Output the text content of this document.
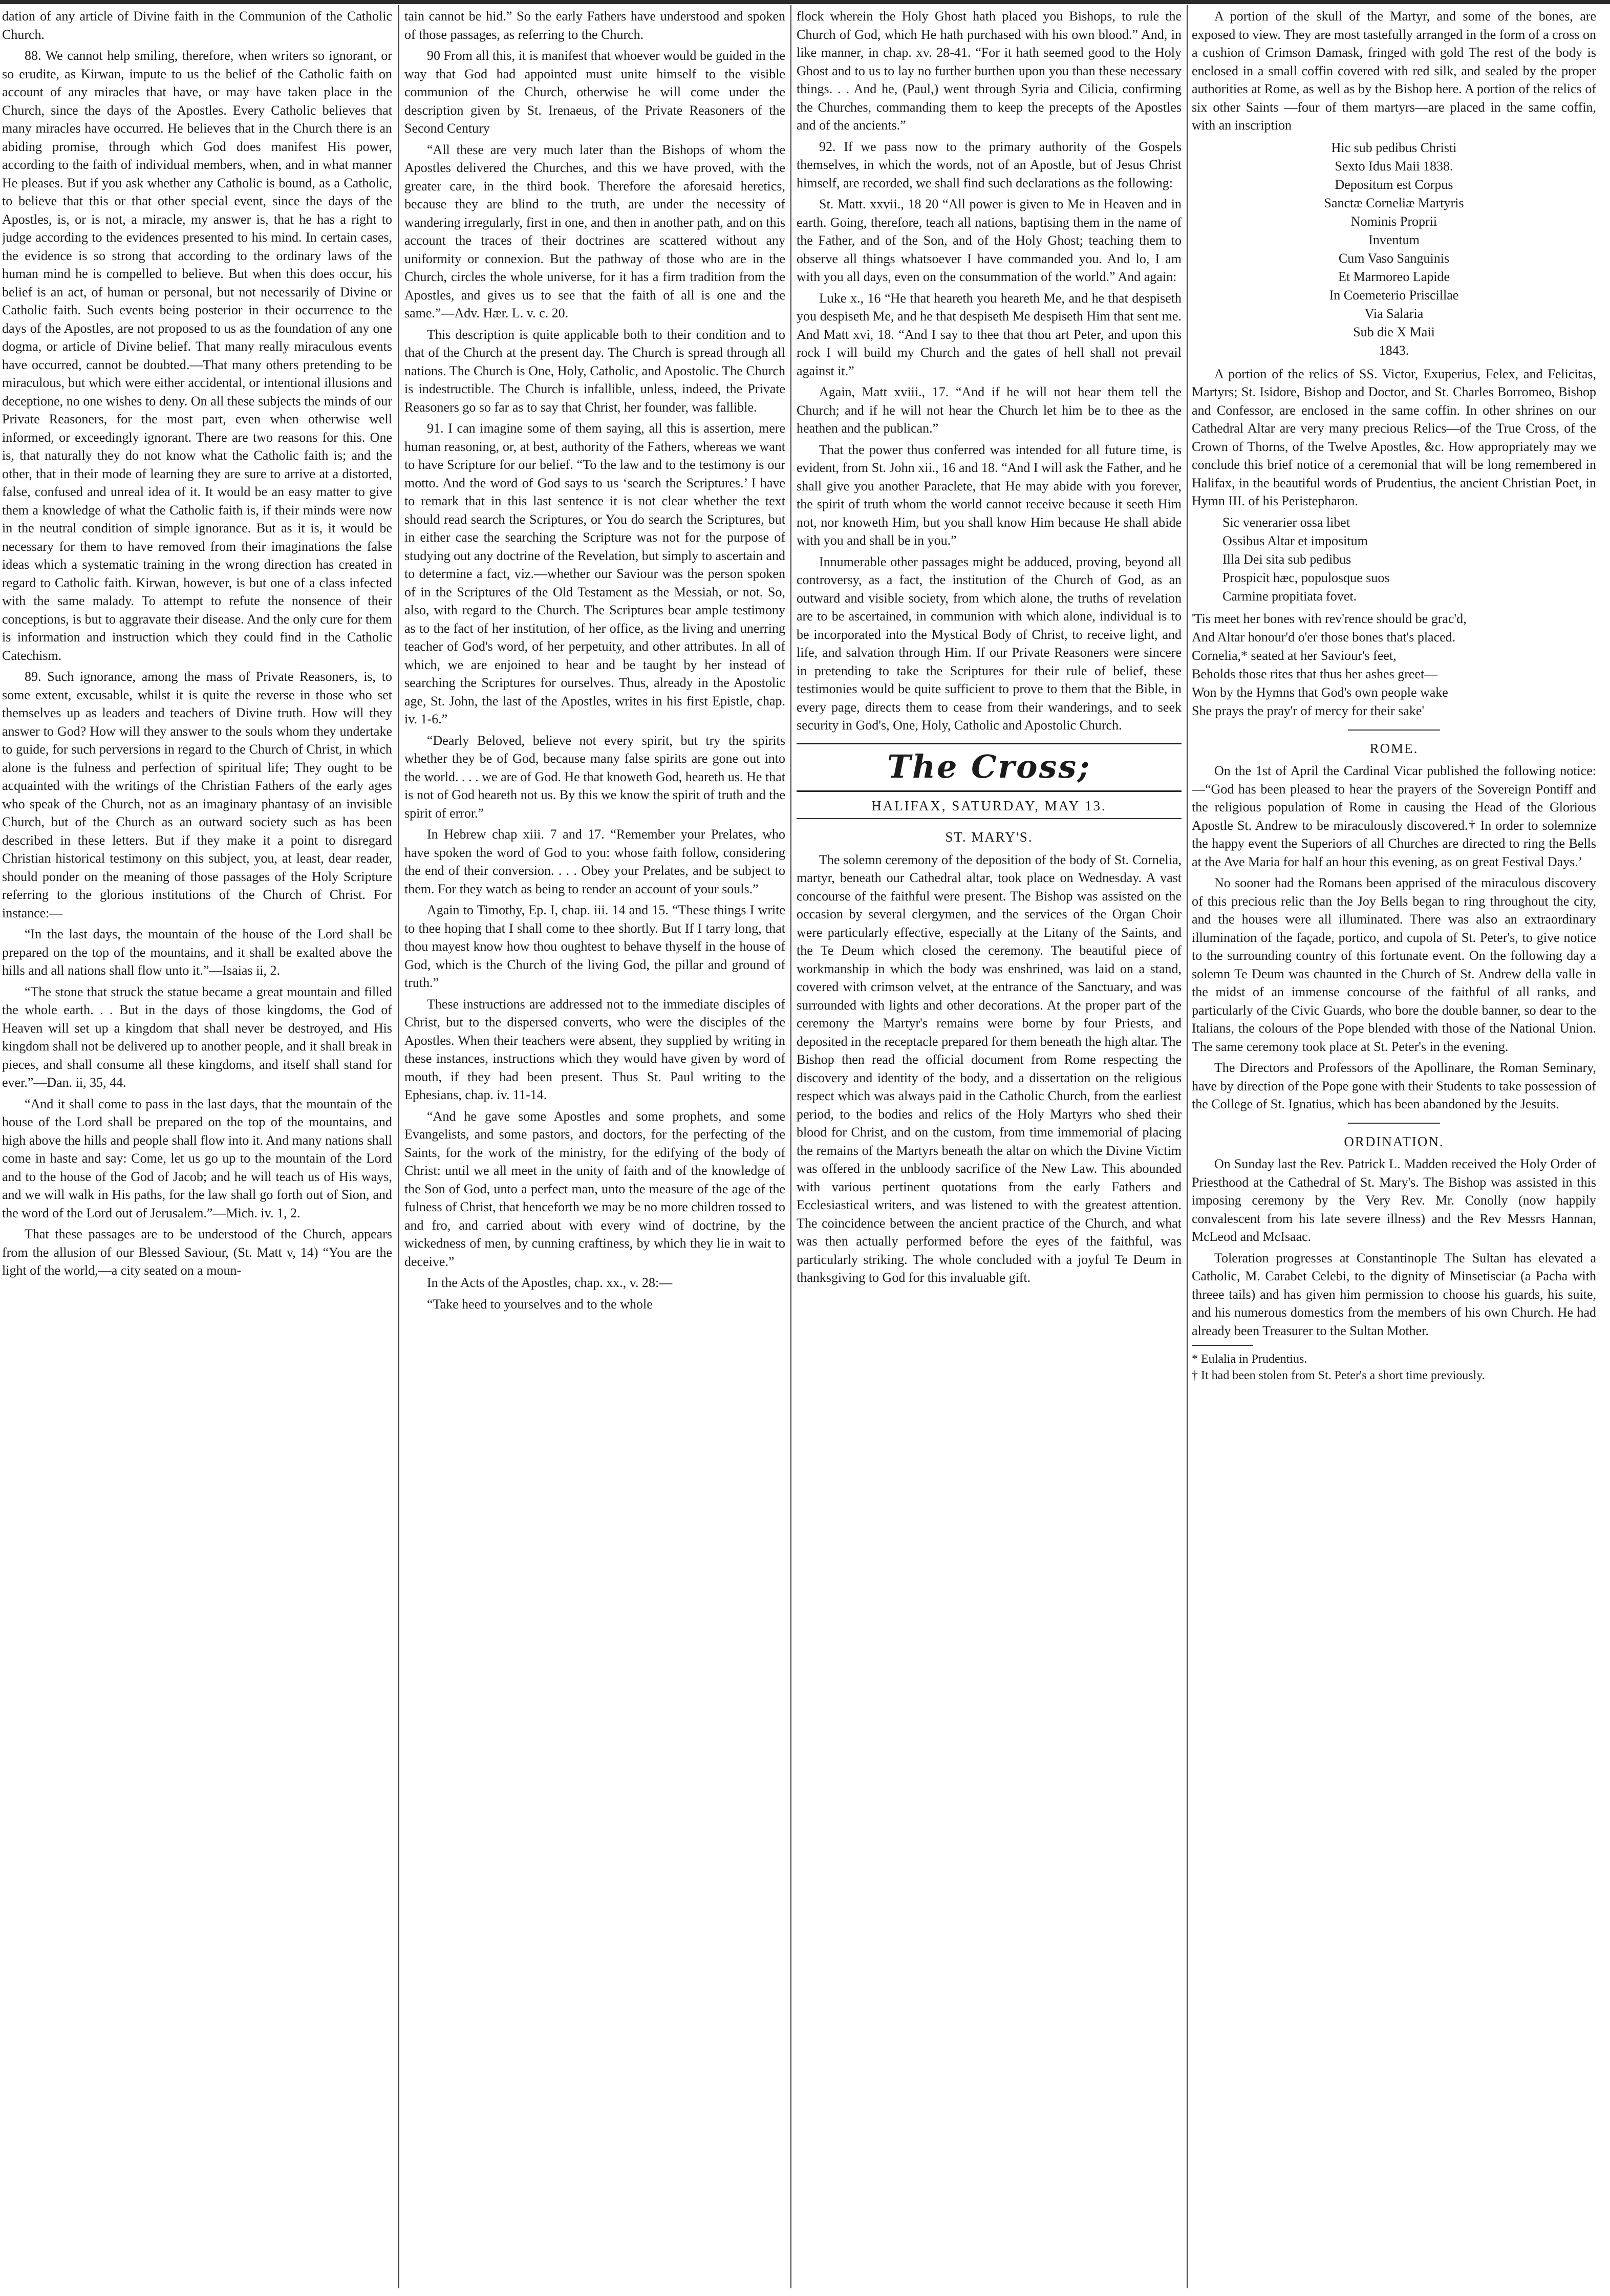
dation of any article of Divine faith in the Communion of the Catholic Church.

88. We cannot help smiling, therefore, when writers so ignorant, or so erudite, as Kirwan, impute to us the belief of the Catholic faith on account of any miracles that have, or may have taken place in the Church, since the days of the Apostles. Every Catholic believes that many miracles have occurred. He believes that in the Church there is an abiding promise, through which God does manifest His power, according to the faith of individual members, when, and in what manner He pleases. But if you ask whether any Catholic is bound, as a Catholic, to believe that this or that other special event, since the days of the Apostles, is, or is not, a miracle, my answer is, that he has a right to judge according to the evidences presented to his mind. In certain cases, the evidence is so strong that according to the ordinary laws of the human mind he is compelled to believe. But when this does occur, his belief is an act, of human or personal, but not necessarily of Divine or Catholic faith. Such events being posterior in their occurrence to the days of the Apostles, are not proposed to us as the foundation of any one dogma, or article of Divine belief. That many really miraculous events have occurred, cannot be doubted.—That many others pretending to be miraculous, but which were either accidental, or intentional illusions and deceptione, no one wishes to deny. On all these subjects the minds of our Private Reasoners, for the most part, even when otherwise well informed, or exceedingly ignorant. There are two reasons for this. One is, that naturally they do not know what the Catholic faith is; and the other, that in their mode of learning they are sure to arrive at a distorted, false, confused and unreal idea of it. It would be an easy matter to give them a knowledge of what the Catholic faith is, if their minds were now in the neutral condition of simple ignorance. But as it is, it would be necessary for them to have removed from their imaginations the false ideas which a systematic training in the wrong direction has created in regard to Catholic faith. Kirwan, however, is but one of a class infected with the same malady. To attempt to refute the nonsence of their conceptions, is but to aggravate their disease. And the only cure for them is information and instruction which they could find in the Catholic Catechism.

89. Such ignorance, among the mass of Private Reasoners, is, to some extent, excusable, whilst it is quite the reverse in those who set themselves up as leaders and teachers of Divine truth. How will they answer to God? How will they answer to the souls whom they undertake to guide, for such perversions in regard to the Church of Christ, in which alone is the fulness and perfection of spiritual life; They ought to be acquainted with the writings of the Christian Fathers of the early ages who speak of the Church, not as an imaginary phantasy of an invisible Church, but of the Church as an outward society such as has been described in these letters. But if they make it a point to disregard Christian historical testimony on this subject, you, at least, dear reader, should ponder on the meaning of those passages of the Holy Scripture referring to the glorious institutions of the Church of Christ. For instance:—

“In the last days, the mountain of the house of the Lord shall be prepared on the top of the mountains, and it shall be exalted above the hills and all nations shall flow unto it.”—Isaias ii, 2.

“The stone that struck the statue became a great mountain and filled the whole earth. . . But in the days of those kingdoms, the God of Heaven will set up a kingdom that shall never be destroyed, and His kingdom shall not be delivered up to another people, and it shall break in pieces, and shall consume all these kingdoms, and itself shall stand for ever.”—Dan. ii, 35, 44.

“And it shall come to pass in the last days, that the mountain of the house of the Lord shall be prepared on the top of the mountains, and high above the hills and people shall flow into it. And many nations shall come in haste and say: Come, let us go up to the mountain of the Lord and to the house of the God of Jacob; and he will teach us of His ways, and we will walk in His paths, for the law shall go forth out of Sion, and the word of the Lord out of Jerusalem.”—Mich. iv. 1, 2.

That these passages are to be understood of the Church, appears from the allusion of our Blessed Saviour, (St. Matt v, 14) “You are the light of the world,—a city seated on a moun-

tain cannot be hid.” So the early Fathers have understood and spoken of those passages, as referring to the Church.

90 From all this, it is manifest that whoever would be guided in the way that God had appointed must unite himself to the visible communion of the Church, otherwise he will come under the description given by St. Irenaeus, of the Private Reasoners of the Second Century

“All these are very much later than the Bishops of whom the Apostles delivered the Churches, and this we have proved, with the greater care, in the third book. Therefore the aforesaid heretics, because they are blind to the truth, are under the necessity of wandering irregularly, first in one, and then in another path, and on this account the traces of their doctrines are scattered without any uniformity or connexion. But the pathway of those who are in the Church, circles the whole universe, for it has a firm tradition from the Apostles, and gives us to see that the faith of all is one and the same.”—Adv. Hær. L. v. c. 20.

This description is quite applicable both to their condition and to that of the Church at the present day. The Church is spread through all nations. The Church is One, Holy, Catholic, and Apostolic. The Church is indestructible. The Church is infallible, unless, indeed, the Private Reasoners go so far as to say that Christ, her founder, was fallible.

91. I can imagine some of them saying, all this is assertion, mere human reasoning, or, at best, authority of the Fathers, whereas we want to have Scripture for our belief. “To the law and to the testimony is our motto. And the word of God says to us ‘search the Scriptures.’ I have to remark that in this last sentence it is not clear whether the text should read search the Scriptures, or You do search the Scriptures, but in either case the searching the Scripture was not for the purpose of studying out any doctrine of the Revelation, but simply to ascertain and to determine a fact, viz.—whether our Saviour was the person spoken of in the Scriptures of the Old Testament as the Messiah, or not. So, also, with regard to the Church. The Scriptures bear ample testimony as to the fact of her institution, of her office, as the living and unerring teacher of God's word, of her perpetuity, and other attributes. In all of which, we are enjoined to hear and be taught by her instead of searching the Scriptures for ourselves. Thus, already in the Apostolic age, St. John, the last of the Apostles, writes in his first Epistle, chap. iv. 1-6.”

“Dearly Beloved, believe not every spirit, but try the spirits whether they be of God, because many false spirits are gone out into the world. . . . we are of God. He that knoweth God, heareth us. He that is not of God heareth not us. By this we know the spirit of truth and the spirit of error.”

In Hebrew chap xiii. 7 and 17. “Remember your Prelates, who have spoken the word of God to you: whose faith follow, considering the end of their conversion. . . . Obey your Prelates, and be subject to them. For they watch as being to render an account of your souls.”

Again to Timothy, Ep. I, chap. iii. 14 and 15. “These things I write to thee hoping that I shall come to thee shortly. But If I tarry long, that thou mayest know how thou oughtest to behave thyself in the house of God, which is the Church of the living God, the pillar and ground of truth.”

These instructions are addressed not to the immediate disciples of Christ, but to the dispersed converts, who were the disciples of the Apostles. When their teachers were absent, they supplied by writing in these instances, instructions which they would have given by word of mouth, if they had been present. Thus St. Paul writing to the Ephesians, chap. iv. 11-14.

“And he gave some Apostles and some prophets, and some Evangelists, and some pastors, and doctors, for the perfecting of the Saints, for the work of the ministry, for the edifying of the body of Christ: until we all meet in the unity of faith and of the knowledge of the Son of God, unto a perfect man, unto the measure of the age of the fulness of Christ, that henceforth we may be no more children tossed to and fro, and carried about with every wind of doctrine, by the wickedness of men, by cunning craftiness, by which they lie in wait to deceive.”

In the Acts of the Apostles, chap. xx., v. 28:—

“Take heed to yourselves and to the whole

flock wherein the Holy Ghost hath placed you Bishops, to rule the Church of God, which He hath purchased with his own blood.” And, in like manner, in chap. xv. 28-41. “For it hath seemed good to the Holy Ghost and to us to lay no further burthen upon you than these necessary things. . . And he, (Paul,) went through Syria and Cilicia, confirming the Churches, commanding them to keep the precepts of the Apostles and of the ancients.”

92. If we pass now to the primary authority of the Gospels themselves, in which the words, not of an Apostle, but of Jesus Christ himself, are recorded, we shall find such declarations as the following:

St. Matt. xxvii., 18 20 “All power is given to Me in Heaven and in earth. Going, therefore, teach all nations, baptising them in the name of the Father, and of the Son, and of the Holy Ghost; teaching them to observe all things whatsoever I have commanded you. And lo, I am with you all days, even on the consummation of the world.” And again:

Luke x., 16 “He that heareth you heareth Me, and he that despiseth you despiseth Me, and he that despiseth Me despiseth Him that sent me. And Matt xvi, 18. “And I say to thee that thou art Peter, and upon this rock I will build my Church and the gates of hell shall not prevail against it.”

Again, Matt xviii., 17. “And if he will not hear them tell the Church; and if he will not hear the Church let him be to thee as the heathen and the publican.”

That the power thus conferred was intended for all future time, is evident, from St. John xii., 16 and 18. “And I will ask the Father, and he shall give you another Paraclete, that He may abide with you forever, the spirit of truth whom the world cannot receive because it seeth Him not, nor knoweth Him, but you shall know Him because He shall abide with you and shall be in you.”

Innumerable other passages might be adduced, proving, beyond all controversy, as a fact, the institution of the Church of God, as an outward and visible society, from which alone, the truths of revelation are to be ascertained, in communion with which alone, individual is to be incorporated into the Mystical Body of Christ, to receive light, and life, and salvation through Him. If our Private Reasoners were sincere in pretending to take the Scriptures for their rule of belief, these testimonies would be quite sufficient to prove to them that the Bible, in every page, directs them to cease from their wanderings, and to seek security in God's, One, Holy, Catholic and Apostolic Church.

The Cross;
HALIFAX, SATURDAY, MAY 13.
ST. MARY'S.

The solemn ceremony of the deposition of the body of St. Cornelia, martyr, beneath our Cathedral altar, took place on Wednesday. A vast concourse of the faithful were present. The Bishop was assisted on the occasion by several clergymen, and the services of the Organ Choir were particularly effective, especially at the Litany of the Saints, and the Te Deum which closed the ceremony. The beautiful piece of workmanship in which the body was enshrined, was laid on a stand, covered with crimson velvet, at the entrance of the Sanctuary, and was surrounded with lights and other decorations. At the proper part of the ceremony the Martyr's remains were borne by four Priests, and deposited in the receptacle prepared for them beneath the high altar. The Bishop then read the official document from Rome respecting the discovery and identity of the body, and a dissertation on the religious respect which was always paid in the Catholic Church, from the earliest period, to the bodies and relics of the Holy Martyrs who shed their blood for Christ, and on the custom, from time immemorial of placing the remains of the Martyrs beneath the altar on which the Divine Victim was offered in the unbloody sacrifice of the New Law. This abounded with various pertinent quotations from the early Fathers and Ecclesiastical writers, and was listened to with the greatest attention. The coincidence between the ancient practice of the Church, and what was then actually performed before the eyes of the faithful, was particularly striking. The whole concluded with a joyful Te Deum in thanksgiving to God for this invaluable gift.

A portion of the skull of the Martyr, and some of the bones, are exposed to view. They are most tastefully arranged in the form of a cross on a cushion of Crimson Damask, fringed with gold The rest of the body is enclosed in a small coffin covered with red silk, and sealed by the proper authorities at Rome, as well as by the Bishop here. A portion of the relics of six other Saints —four of them martyrs—are placed in the same coffin, with an inscription

Hic sub pedibus Christi
Sexto Idus Maii 1838.
Depositum est Corpus
Sanctæ Corneliæ Martyris
Nominis Proprii
Inventum
Cum Vaso Sanguinis
Et Marmoreo Lapide
In Coemeterio Priscillae
Via Salaria
Sub die X Maii
1843.

A portion of the relics of SS. Victor, Exuperius, Felex, and Felicitas, Martyrs; St. Isidore, Bishop and Doctor, and St. Charles Borromeo, Bishop and Confessor, are enclosed in the same coffin. In other shrines on our Cathedral Altar are very many precious Relics—of the True Cross, of the Crown of Thorns, of the Twelve Apostles, &c. How appropriately may we conclude this brief notice of a ceremonial that will be long remembered in Halifax, in the beautiful words of Prudentius, the ancient Christian Poet, in Hymn III. of his Peristepharon.

Sic venerarier ossa libet
Ossibus Altar et impositum
Illa Dei sita sub pedibus
Prospicit hæc, populosque suos
Carmine propitiata fovet.
'Tis meet her bones with rev'rence should be grac'd,
And Altar honour'd o'er those bones that's placed.
Cornelia,* seated at her Saviour's feet,
Beholds those rites that thus her ashes greet—
Won by the Hymns that God's own people wake
She prays the pray'r of mercy for their sake'
ROME.

On the 1st of April the Cardinal Vicar published the following notice:—“God has been pleased to hear the prayers of the Sovereign Pontiff and the religious population of Rome in causing the Head of the Glorious Apostle St. Andrew to be miraculously discovered.† In order to solemnize the happy event the Superiors of all Churches are directed to ring the Bells at the Ave Maria for half an hour this evening, as on great Festival Days.’

No sooner had the Romans been apprised of the miraculous discovery of this precious relic than the Joy Bells began to ring throughout the city, and the houses were all illuminated. There was also an extraordinary illumination of the façade, portico, and cupola of St. Peter's, to give notice to the surrounding country of this fortunate event. On the following day a solemn Te Deum was chaunted in the Church of St. Andrew della valle in the midst of an immense concourse of the faithful of all ranks, and particularly of the Civic Guards, who bore the double banner, so dear to the Italians, the colours of the Pope blended with those of the National Union. The same ceremony took place at St. Peter's in the evening.

The Directors and Professors of the Apollinare, the Roman Seminary, have by direction of the Pope gone with their Students to take possession of the College of St. Ignatius, which has been abandoned by the Jesuits.

ORDINATION.

On Sunday last the Rev. Patrick L. Madden received the Holy Order of Priesthood at the Cathedral of St. Mary's. The Bishop was assisted in this imposing ceremony by the Very Rev. Mr. Conolly (now happily convalescent from his late severe illness) and the Rev Messrs Hannan, McLeod and McIsaac.

Toleration progresses at Constantinople The Sultan has elevated a Catholic, M. Carabet Celebi, to the dignity of Minsetisciar (a Pacha with threee tails) and has given him permission to choose his guards, his suite, and his numerous domestics from the members of his own Church. He had already been Treasurer to the Sultan Mother.

* Eulalia in Prudentius.
† It had been stolen from St. Peter's a short time previously.
